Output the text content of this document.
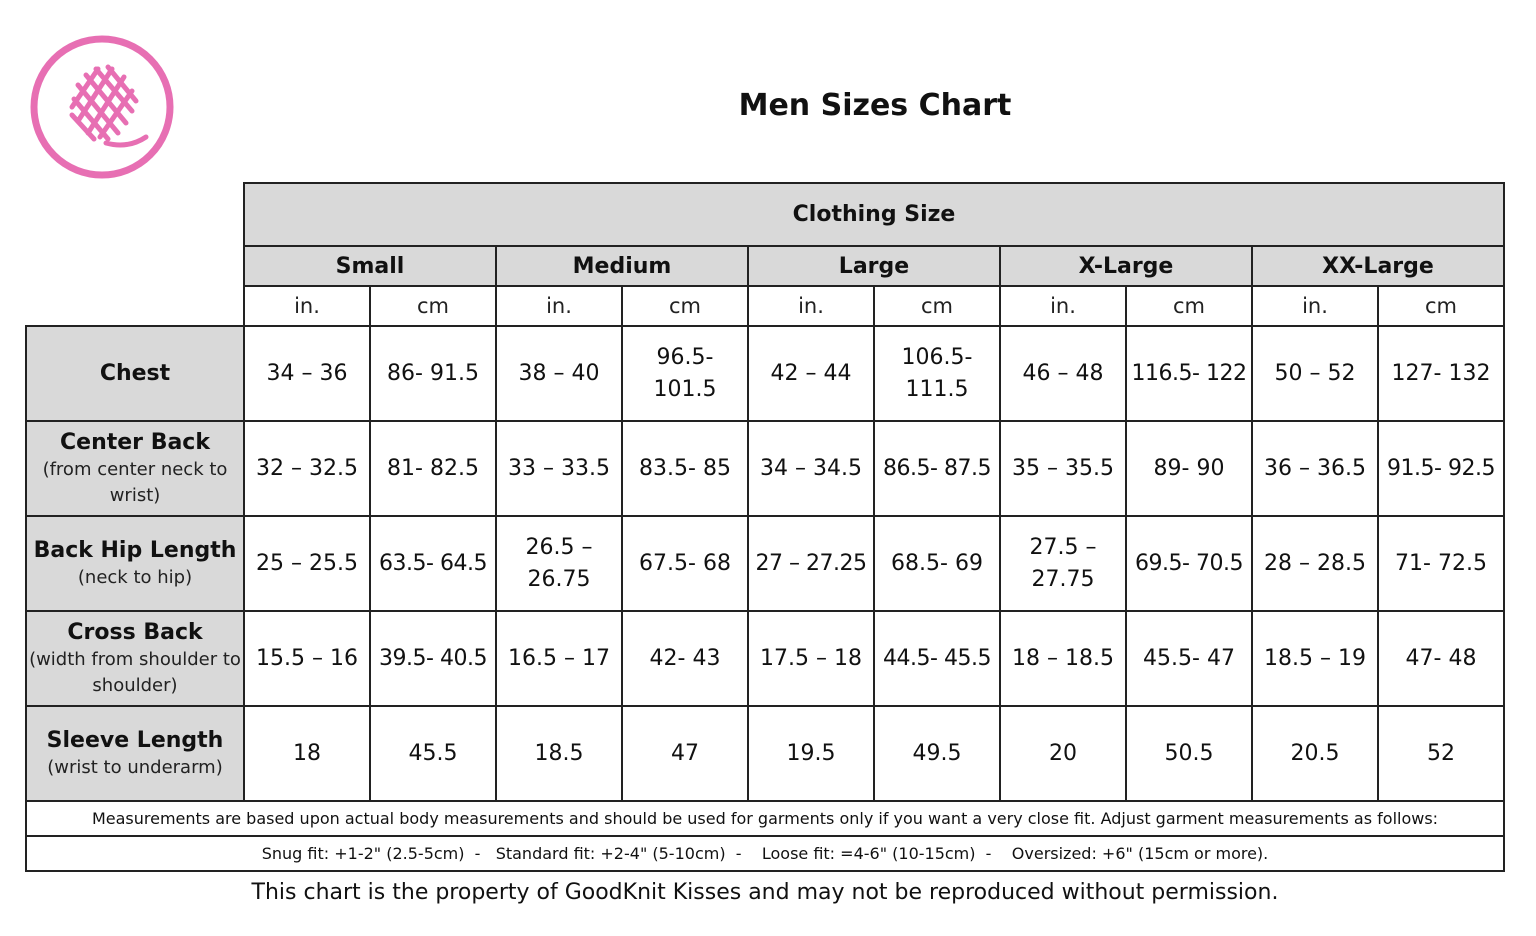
Men Sizes Chart
	Clothing Size									
	Small		Medium		Large		X-Large		XX-Large	
	in.	cm	in.	cm	in.	cm	in.	cm	in.	cm

Chest	34 – 36	86- 91.5	38 – 40	96.5- 101.5	42 – 44	106.5- 111.5	46 – 48	116.5- 122	50 – 52	127- 132

Center Back
(from center neck to wrist)	32 – 32.5	81- 82.5	33 – 33.5	83.5- 85	34 – 34.5	86.5- 87.5	35 – 35.5	89- 90	36 – 36.5	91.5- 92.5

Back Hip Length
(neck to hip)	25 – 25.5	63.5- 64.5	26.5 – 26.75	67.5- 68	27 – 27.25	68.5- 69	27.5 – 27.75	69.5- 70.5	28 – 28.5	71- 72.5

Cross Back
(width from shoulder to shoulder)	15.5 – 16	39.5- 40.5	16.5 – 17	42- 43	17.5 – 18	44.5- 45.5	18 – 18.5	45.5- 47	18.5 – 19	47- 48

Sleeve Length
(wrist to underarm)	18	45.5	18.5	47	19.5	49.5	20	50.5	20.5	52
Measurements are based upon actual body measurements and should be used for garments only if you want a very close fit. Adjust garment measurements as follows:										
Snug fit: +1-2" (2.5-5cm)  -   Standard fit: +2-4" (5-10cm)  -    Loose fit: =4-6" (10-15cm)  -    Oversized: +6" (15cm or more).										
This chart is the property of GoodKnit Kisses and may not be reproduced without permission.
